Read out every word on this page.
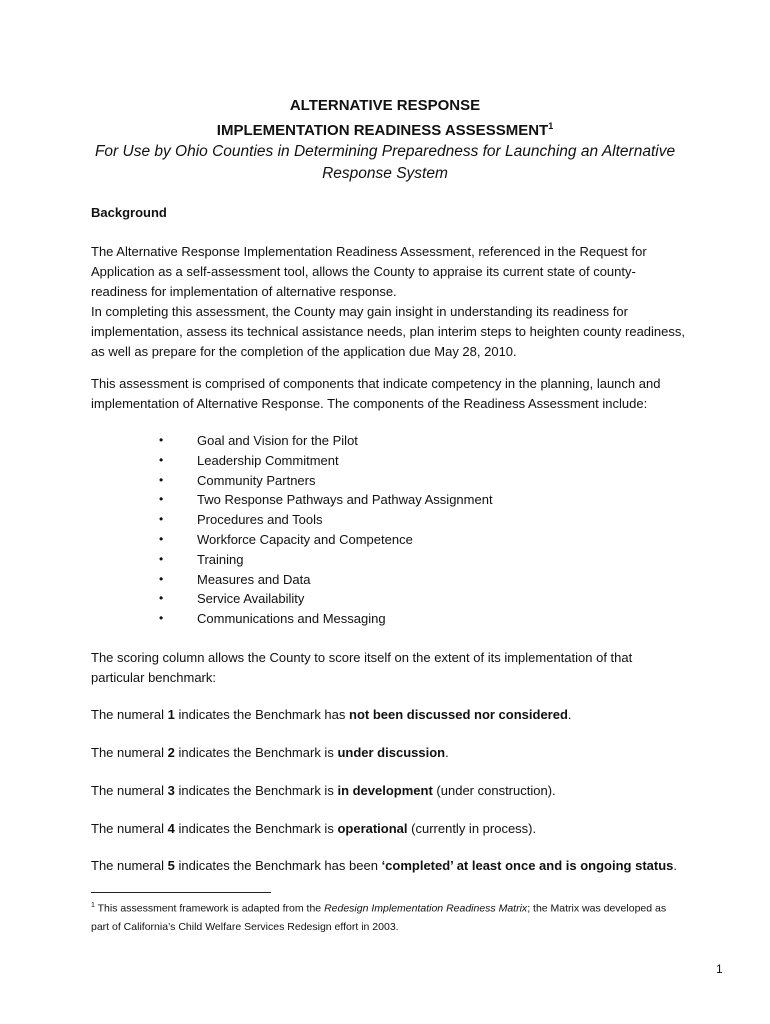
ALTERNATIVE RESPONSE
IMPLEMENTATION READINESS ASSESSMENT$^1$
For Use by Ohio Counties in Determining Preparedness for Launching an Alternative
Response System
Background
The Alternative Response Implementation Readiness Assessment, referenced in the Request for
Application as a self-assessment tool, allows the County to appraise its current state of county-
readiness for implementation of alternative response.
In completing this assessment, the County may gain insight in understanding its readiness for
implementation, assess its technical assistance needs, plan interim steps to heighten county readiness,
as well as prepare for the completion of the application due May 28, 2010.
This assessment is comprised of components that indicate competency in the planning, launch and
implementation of Alternative Response. The components of the Readiness Assessment include:
•	Goal and Vision for the Pilot
•	Leadership Commitment
•	Community Partners
•	Two Response Pathways and Pathway Assignment
•	Procedures and Tools
•	Workforce Capacity and Competence
•	Training
•	Measures and Data
•	Service Availability
•	Communications and Messaging
The scoring column allows the County to score itself on the extent of its implementation of that
particular benchmark:
The numeral 1 indicates the Benchmark has not been discussed nor considered.
The numeral 2 indicates the Benchmark is under discussion.
The numeral 3 indicates the Benchmark is in development (under construction).
The numeral 4 indicates the Benchmark is operational (currently in process).
The numeral 5 indicates the Benchmark has been ‘completed’ at least once and is ongoing status.
$^1$ This assessment framework is adapted from the Redesign Implementation Readiness Matrix; the Matrix was developed as
part of California’s Child Welfare Services Redesign effort in 2003.
1
